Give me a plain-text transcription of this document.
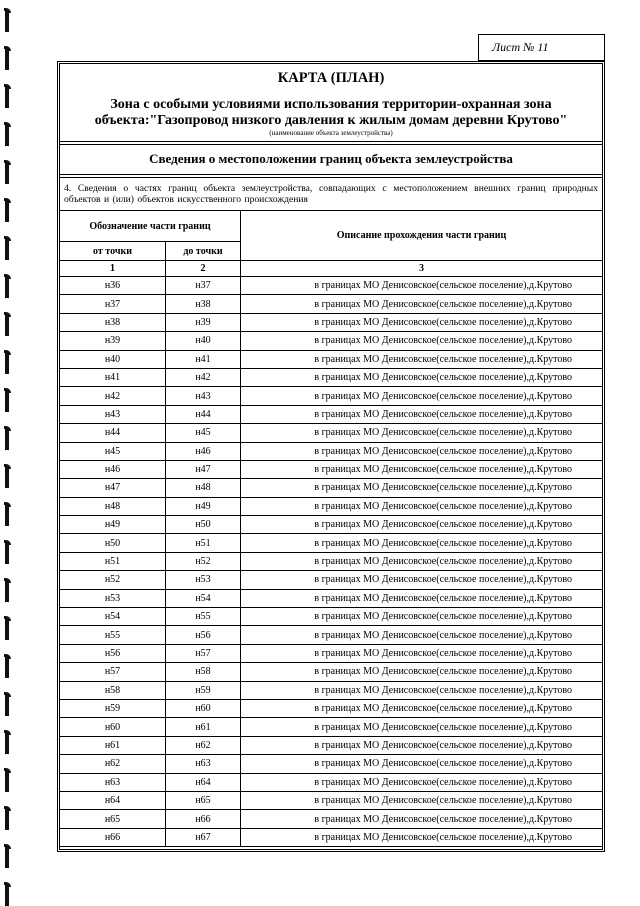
Лист № 11
КАРТА (ПЛАН)
Зона с особыми условиями использования территории-охранная зона
объекта:"Газопровод низкого давления к жилым домам деревни Крутово"
(наименование объекта землеустройства)
Сведения о местоположении границ объекта землеустройства
4. Сведения о частях границ объекта землеустройства, совпадающих с местоположением внешних границ природных объектов и (или) объектов искусственного происхождения
Обозначение части границ		Описание прохождения части границ
от точки	до точки	
1	2	3
н36	н37	в границах МО Денисовское(сельское поселение),д.Крутово
н37	н38	в границах МО Денисовское(сельское поселение),д.Крутово
н38	н39	в границах МО Денисовское(сельское поселение),д.Крутово
н39	н40	в границах МО Денисовское(сельское поселение),д.Крутово
н40	н41	в границах МО Денисовское(сельское поселение),д.Крутово
н41	н42	в границах МО Денисовское(сельское поселение),д.Крутово
н42	н43	в границах МО Денисовское(сельское поселение),д.Крутово
н43	н44	в границах МО Денисовское(сельское поселение),д.Крутово
н44	н45	в границах МО Денисовское(сельское поселение),д.Крутово
н45	н46	в границах МО Денисовское(сельское поселение),д.Крутово
н46	н47	в границах МО Денисовское(сельское поселение),д.Крутово
н47	н48	в границах МО Денисовское(сельское поселение),д.Крутово
н48	н49	в границах МО Денисовское(сельское поселение),д.Крутово
н49	н50	в границах МО Денисовское(сельское поселение),д.Крутово
н50	н51	в границах МО Денисовское(сельское поселение),д.Крутово
н51	н52	в границах МО Денисовское(сельское поселение),д.Крутово
н52	н53	в границах МО Денисовское(сельское поселение),д.Крутово
н53	н54	в границах МО Денисовское(сельское поселение),д.Крутово
н54	н55	в границах МО Денисовское(сельское поселение),д.Крутово
н55	н56	в границах МО Денисовское(сельское поселение),д.Крутово
н56	н57	в границах МО Денисовское(сельское поселение),д.Крутово
н57	н58	в границах МО Денисовское(сельское поселение),д.Крутово
н58	н59	в границах МО Денисовское(сельское поселение),д.Крутово
н59	н60	в границах МО Денисовское(сельское поселение),д.Крутово
н60	н61	в границах МО Денисовское(сельское поселение),д.Крутово
н61	н62	в границах МО Денисовское(сельское поселение),д.Крутово
н62	н63	в границах МО Денисовское(сельское поселение),д.Крутово
н63	н64	в границах МО Денисовское(сельское поселение),д.Крутово
н64	н65	в границах МО Денисовское(сельское поселение),д.Крутово
н65	н66	в границах МО Денисовское(сельское поселение),д.Крутово
н66	н67	в границах МО Денисовское(сельское поселение),д.Крутово
